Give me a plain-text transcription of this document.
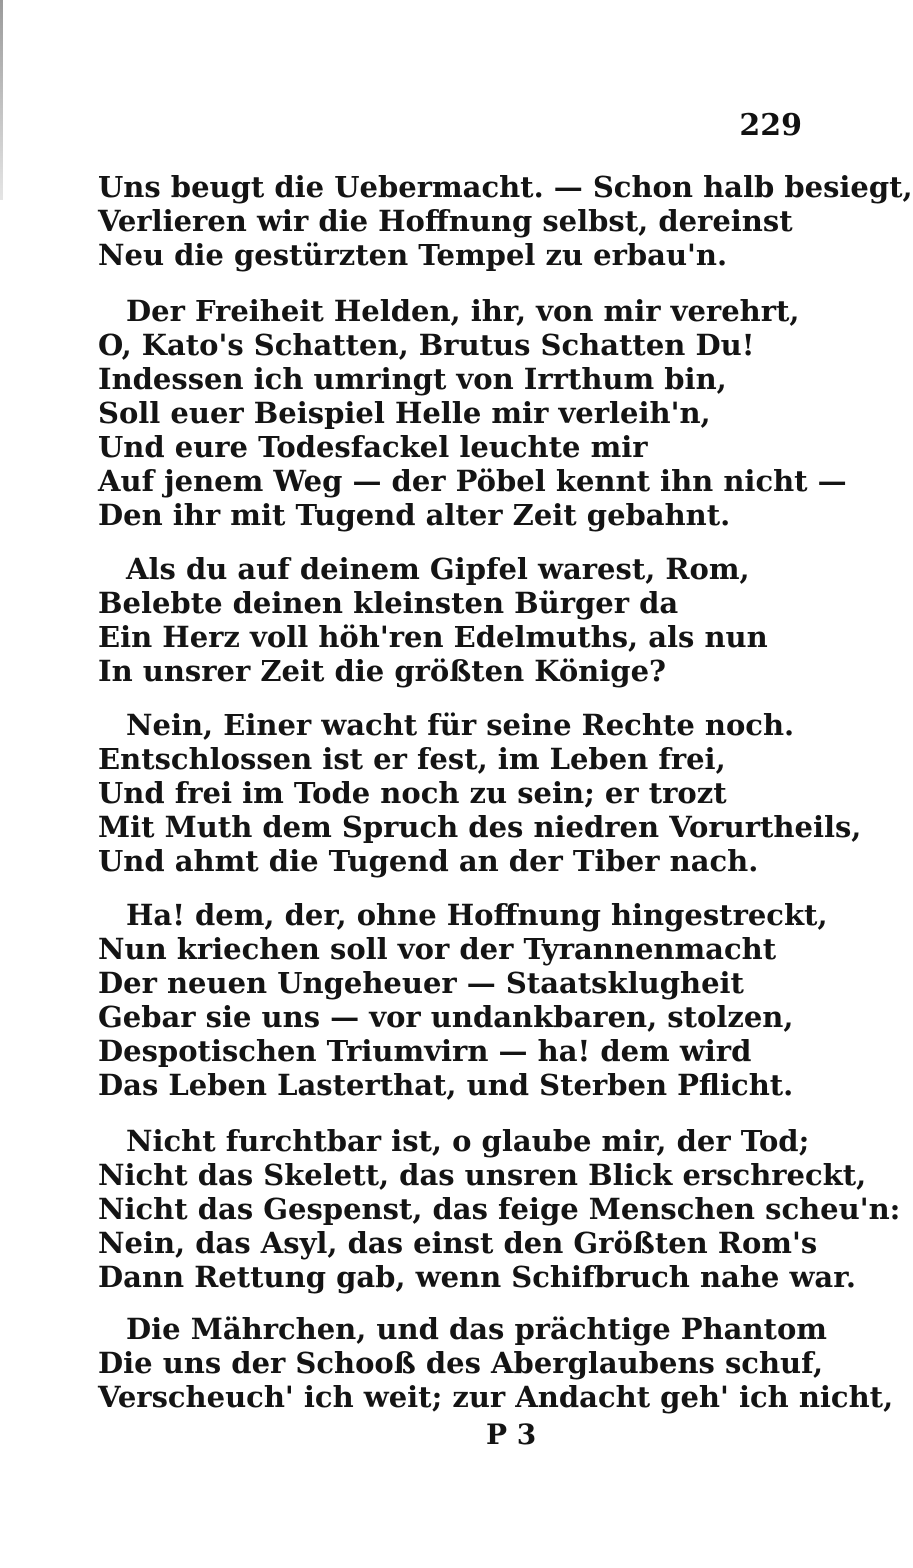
229
Uns beugt die Uebermacht. — Schon halb besiegt,
Verlieren wir die Hoffnung selbst, dereinst
Neu die gestürzten Tempel zu erbau'n.
Der Freiheit Helden, ihr, von mir verehrt,
O, Kato's Schatten, Brutus Schatten Du!
Indessen ich umringt von Irrthum bin,
Soll euer Beispiel Helle mir verleih'n,
Und eure Todesfackel leuchte mir
Auf jenem Weg — der Pöbel kennt ihn nicht —
Den ihr mit Tugend alter Zeit gebahnt.
Als du auf deinem Gipfel warest, Rom,
Belebte deinen kleinsten Bürger da
Ein Herz voll höh'ren Edelmuths, als nun
In unsrer Zeit die größten Könige?
Nein, Einer wacht für seine Rechte noch.
Entschlossen ist er fest, im Leben frei,
Und frei im Tode noch zu sein; er trozt
Mit Muth dem Spruch des niedren Vorurtheils,
Und ahmt die Tugend an der Tiber nach.
Ha! dem, der, ohne Hoffnung hingestreckt,
Nun kriechen soll vor der Tyrannenmacht
Der neuen Ungeheuer — Staatsklugheit
Gebar sie uns — vor undankbaren, stolzen,
Despotischen Triumvirn — ha! dem wird
Das Leben Lasterthat, und Sterben Pflicht.
Nicht furchtbar ist, o glaube mir, der Tod;
Nicht das Skelett, das unsren Blick erschreckt,
Nicht das Gespenst, das feige Menschen scheu'n:
Nein, das Asyl, das einst den Größten Rom's
Dann Rettung gab, wenn Schifbruch nahe war.
Die Mährchen, und das prächtige Phantom
Die uns der Schooß des Aberglaubens schuf,
Verscheuch' ich weit; zur Andacht geh' ich nicht,
P 3
